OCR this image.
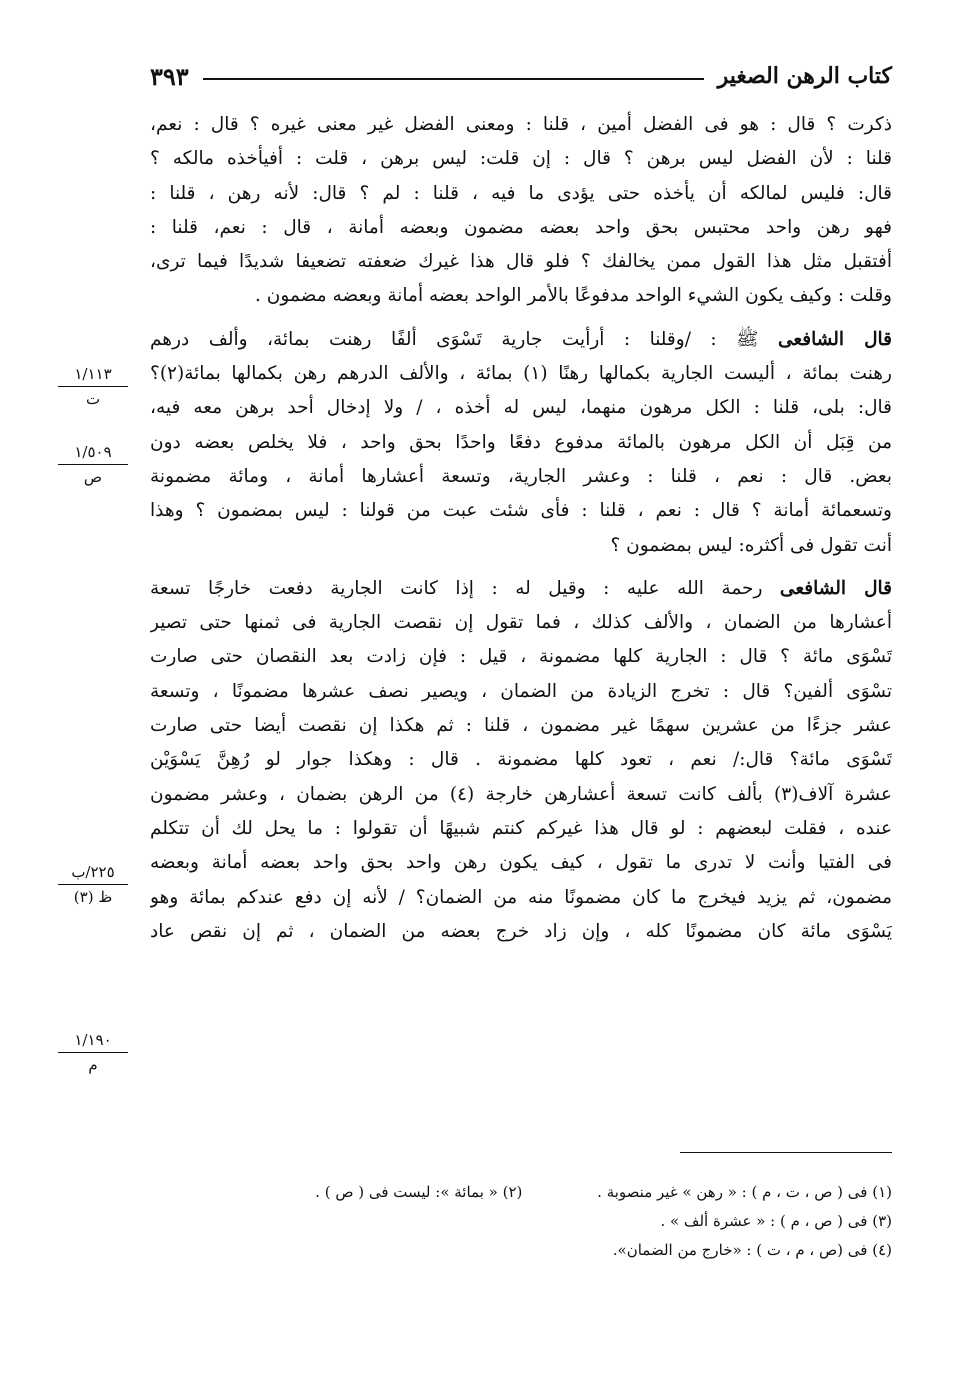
كتاب الرهن الصغير
٣٩٣
ذكرت ؟ قال : هو فى الفضل أمين ، قلنا : ومعنى الفضل غير معنى غيره ؟ قال : نعم،
قلنا : لأن الفضل ليس برهن ؟ قال : إن قلت: ليس برهن ، قلت : أفيأخذه مالكه ؟
قال: فليس لمالكه أن يأخذه حتى يؤدى ما فيه ، قلنا : لم ؟ قال: لأنه رهن ، قلنا :
فهو رهن واحد محتبس بحق واحد بعضه مضمون وبعضه أمانة ، قال : نعم، قلنا :
أفتقبل مثل هذا القول ممن يخالفك ؟ فلو قال هذا غيرك ضعفته تضعيفا شديدًا فيما ترى،
وقلت : وكيف يكون الشيء الواحد مدفوعًا بالأمر الواحد بعضه أمانة وبعضه مضمون .
قال الشافعى ﷺ : /وقلنا : أرأيت جارية تَسْوَى ألفًا رهنت بمائة، وألف درهم
رهنت بمائة ، أليست الجارية بكمالها رهنًا (١) بمائة ، والألف الدرهم رهن بكمالها بمائة(٢)؟
قال: بلى، قلنا : الكل مرهون منهما، ليس له أخذه ، / ولا إدخال أحد برهن معه فيه،
من قِبَل أن الكل مرهون بالمائة مدفوع دفعًا واحدًا بحق واحد ، فلا يخلص بعضه دون
بعض. قال : نعم ، قلنا : وعشر الجارية، وتسعة أعشارها أمانة ، ومائة مضمونة
وتسعمائة أمانة ؟ قال : نعم ، قلنا : فأى شئت عبت من قولنا : ليس بمضمون ؟ وهذا
أنت تقول فى أكثره: ليس بمضمون ؟
قال الشافعى رحمة الله عليه : وقيل له : إذا كانت الجارية دفعت خارجًا تسعة
أعشارها من الضمان ، والألف كذلك ، فما تقول إن نقصت الجارية فى ثمنها حتى تصير
تَسْوَى مائة ؟ قال : الجارية كلها مضمونة ، قيل : فإن زادت بعد النقصان حتى صارت
تسْوَى ألفين؟ قال : تخرج الزيادة من الضمان ، ويصير نصف عشرها مضمونًا ، وتسعة
عشر جزءًا من عشرين سهمًا غير مضمون ، قلنا : ثم هكذا إن نقصت أيضا حتى صارت
تَسْوَى مائة؟ قال:/ نعم ، تعود كلها مضمونة . قال : وهكذا جوار لو رُهِنَّ يَسْوَيْن
عشرة آلاف(٣) بألف كانت تسعة أعشارهن خارجة (٤) من الرهن بضمان ، وعشر مضمون
عنده ، فقلت لبعضهم : لو قال هذا غيركم كنتم شبيهًا أن تقولوا : ما يحل لك أن تتكلم
فى الفتيا وأنت لا تدرى ما تقول ، كيف يكون رهن واحد بحق واحد بعضه أمانة وبعضه
مضمون، ثم يزيد فيخرج ما كان مضمونًا منه من الضمان؟ / لأنه إن دفع عندكم بمائة وهو
يَسْوَى مائة كان مضمونًا كله ، وإن زاد خرج بعضه من الضمان ، ثم إن نقص عاد
١/١١٣
ت
١/٥٠٩
ص
٢٢٥/ب
ظ (٣)
١/١٩٠
م
(١) فى ( ص ، ت ، م ) : « رهن » غير منصوبة . (٢) « بمائة »: ليست فى ( ص ) .
(٣) فى ( ص ، م ) : « عشرة ألف » .
(٤) فى (ص ، م ، ت ) : «خارج من الضمان».
